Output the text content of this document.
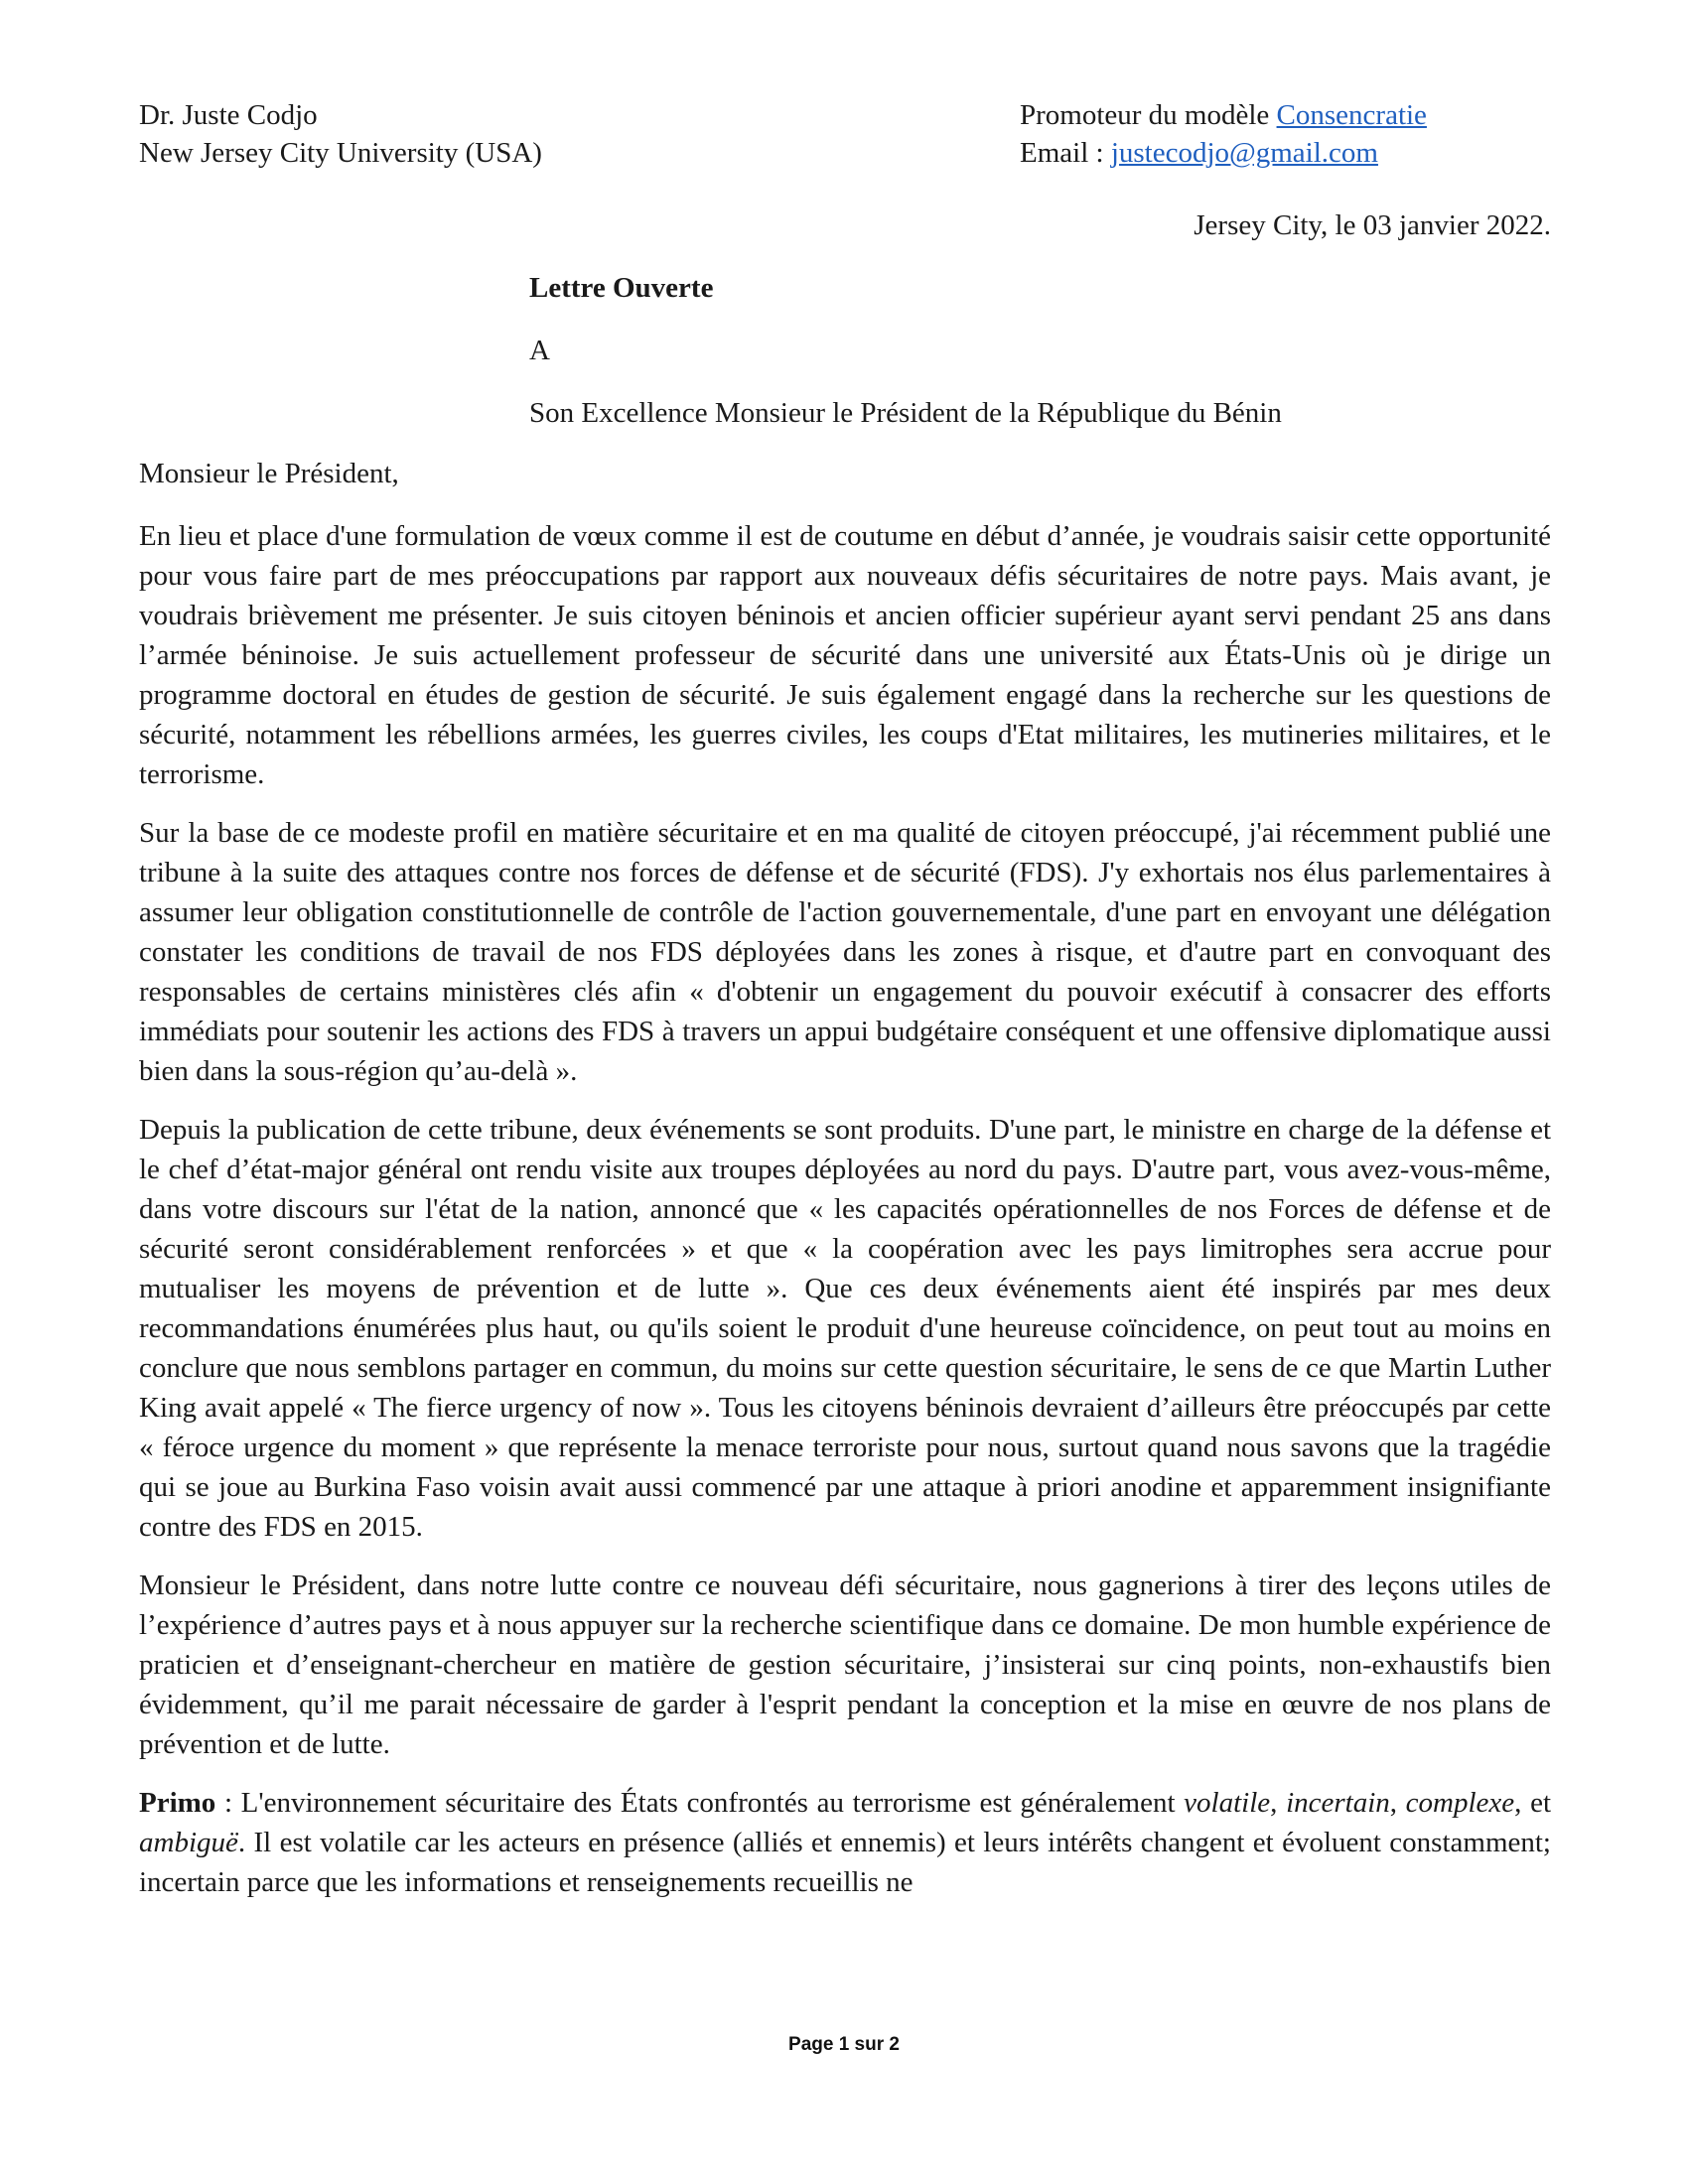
Dr. Juste Codjo
New Jersey City University (USA)
Promoteur du modèle Consencratie
Email : justecodjo@gmail.com
Jersey City, le 03 janvier 2022.
Lettre Ouverte
A
Son Excellence Monsieur le Président de la République du Bénin
Monsieur le Président,

En lieu et place d'une formulation de vœux comme il est de coutume en début d’année, je voudrais saisir cette opportunité pour vous faire part de mes préoccupations par rapport aux nouveaux défis sécuritaires de notre pays. Mais avant, je voudrais brièvement me présenter. Je suis citoyen béninois et ancien officier supérieur ayant servi pendant 25 ans dans l’armée béninoise. Je suis actuellement professeur de sécurité dans une université aux États-Unis où je dirige un programme doctoral en études de gestion de sécurité. Je suis également engagé dans la recherche sur les questions de sécurité, notamment les rébellions armées, les guerres civiles, les coups d'Etat militaires, les mutineries militaires, et le terrorisme.

Sur la base de ce modeste profil en matière sécuritaire et en ma qualité de citoyen préoccupé, j'ai récemment publié une tribune à la suite des attaques contre nos forces de défense et de sécurité (FDS). J'y exhortais nos élus parlementaires à assumer leur obligation constitutionnelle de contrôle de l'action gouvernementale, d'une part en envoyant une délégation constater les conditions de travail de nos FDS déployées dans les zones à risque, et d'autre part en convoquant des responsables de certains ministères clés afin « d'obtenir un engagement du pouvoir exécutif à consacrer des efforts immédiats pour soutenir les actions des FDS à travers un appui budgétaire conséquent et une offensive diplomatique aussi bien dans la sous-région qu’au-delà ».

Depuis la publication de cette tribune, deux événements se sont produits. D'une part, le ministre en charge de la défense et le chef d’état-major général ont rendu visite aux troupes déployées au nord du pays. D'autre part, vous avez-vous-même, dans votre discours sur l'état de la nation, annoncé que « les capacités opérationnelles de nos Forces de défense et de sécurité seront considérablement renforcées » et que « la coopération avec les pays limitrophes sera accrue pour mutualiser les moyens de prévention et de lutte ». Que ces deux événements aient été inspirés par mes deux recommandations énumérées plus haut, ou qu'ils soient le produit d'une heureuse coïncidence, on peut tout au moins en conclure que nous semblons partager en commun, du moins sur cette question sécuritaire, le sens de ce que Martin Luther King avait appelé « The fierce urgency of now ». Tous les citoyens béninois devraient d’ailleurs être préoccupés par cette « féroce urgence du moment » que représente la menace terroriste pour nous, surtout quand nous savons que la tragédie qui se joue au Burkina Faso voisin avait aussi commencé par une attaque à priori anodine et apparemment insignifiante contre des FDS en 2015.

Monsieur le Président, dans notre lutte contre ce nouveau défi sécuritaire, nous gagnerions à tirer des leçons utiles de l’expérience d’autres pays et à nous appuyer sur la recherche scientifique dans ce domaine. De mon humble expérience de praticien et d’enseignant-chercheur en matière de gestion sécuritaire, j’insisterai sur cinq points, non-exhaustifs bien évidemment, qu’il me parait nécessaire de garder à l'esprit pendant la conception et la mise en œuvre de nos plans de prévention et de lutte.

Primo : L'environnement sécuritaire des États confrontés au terrorisme est généralement volatile, incertain, complexe, et ambiguë. Il est volatile car les acteurs en présence (alliés et ennemis) et leurs intérêts changent et évoluent constamment; incertain parce que les informations et renseignements recueillis ne

Page 1 sur 2
